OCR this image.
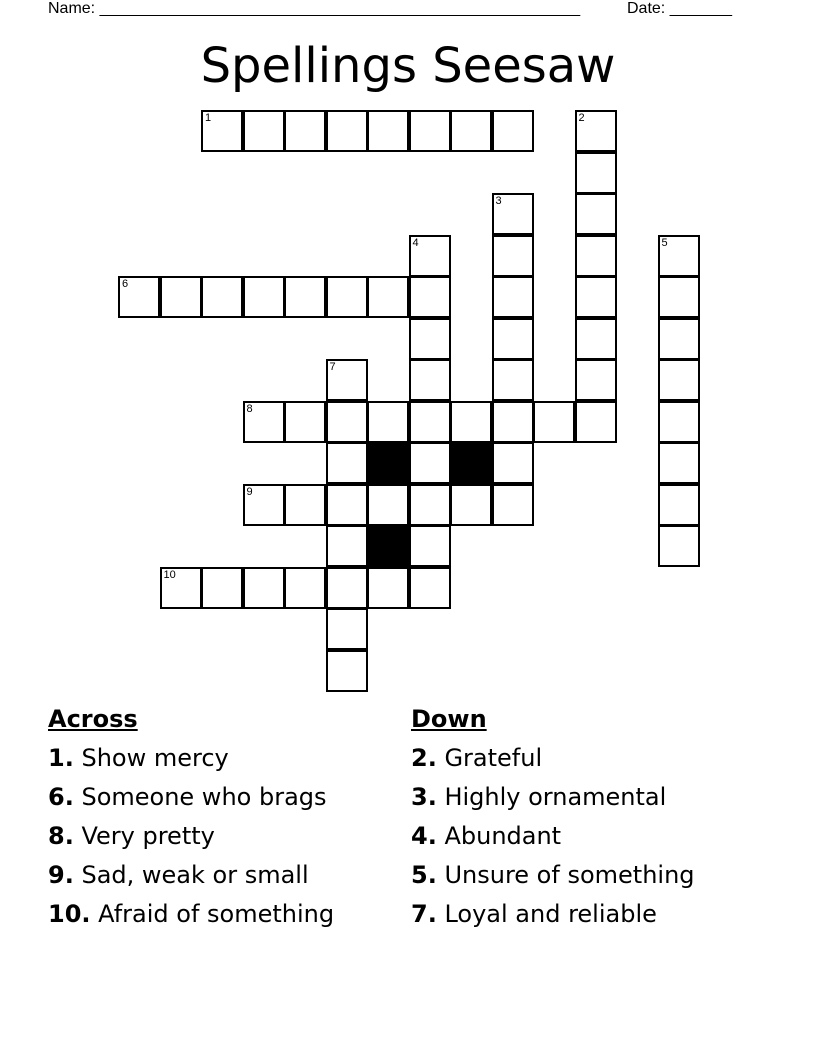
Name: ______________________________________________________	Date: _______
Spellings Seesaw
1	2
3
4	5
6
7
8
9
10
Across
1. Show mercy
6. Someone who brags
8. Very pretty
9. Sad, weak or small
10. Afraid of something
Down
2. Grateful
3. Highly ornamental
4. Abundant
5. Unsure of something
7. Loyal and reliable
